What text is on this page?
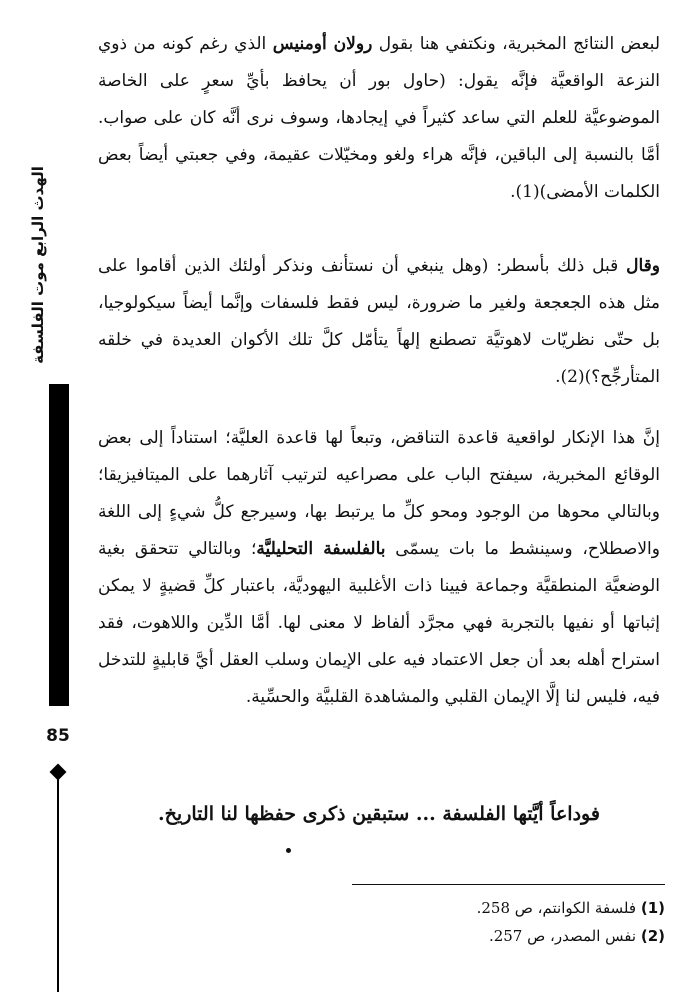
الهدث الرابع موت الفلسفة
85

لبعض النتائج المخبرية، ونكتفي هنا بقول رولان أومنيس الذي رغم كونه من ذوي النزعة الواقعيَّة فإنَّه يقول: (حاول بور أن يحافظ بأيِّ سعرٍ على الخاصة الموضوعيَّة للعلم التي ساعد كثيراً في إيجادها، وسوف نرى أنَّه كان على صواب. أمَّا بالنسبة إلى الباقين، فإنَّه هراء ولغو ومخيّلات عقيمة، وفي جعبتي أيضاً بعض الكلمات الأمضى)(1).

وقال قبل ذلك بأسطر: (وهل ينبغي أن نستأنف ونذكر أولئك الذين أقاموا على مثل هذه الجعجعة ولغير ما ضرورة، ليس فقط فلسفات وإنَّما أيضاً سيكولوجيا، بل حتّى نظريّات لاهوتيَّة تصطنع إلهاً يتأمّل كلَّ تلك الأكوان العديدة في خلقه المتأرجِّح؟)(2).

إنَّ هذا الإنكار لواقعية قاعدة التناقض، وتبعاً لها قاعدة العليَّة؛ استناداً إلى بعض الوقائع المخبرية، سيفتح الباب على مصراعيه لترتيب آثارهما على الميتافيزيقا؛ وبالتالي محوها من الوجود ومحو كلِّ ما يرتبط بها، وسيرجع كلُّ شيءٍ إلى اللغة والاصطلاح، وسينشط ما بات يسمّى بالفلسفة التحليليَّة؛ وبالتالي تتحقق بغية الوضعيَّة المنطقيَّة وجماعة فيينا ذات الأغلبية اليهوديَّة، باعتبار كلِّ قضيةٍ لا يمكن إثباتها أو نفيها بالتجربة فهي مجرَّد ألفاظ لا معنى لها. أمَّا الدِّين واللاهوت، فقد استراح أهله بعد أن جعل الاعتماد فيه على الإيمان وسلب العقل أيَّ قابليةٍ للتدخل فيه، فليس لنا إلَّا الإيمان القلبي والمشاهدة القلبيَّة والحسِّية.

فوداعاً أيَّتها الفلسفة ... ستبقين ذكرى حفظها لنا التاريخ.

(1) فلسفة الكوانتم، ص 258.
(2) نفس المصدر، ص 257.
